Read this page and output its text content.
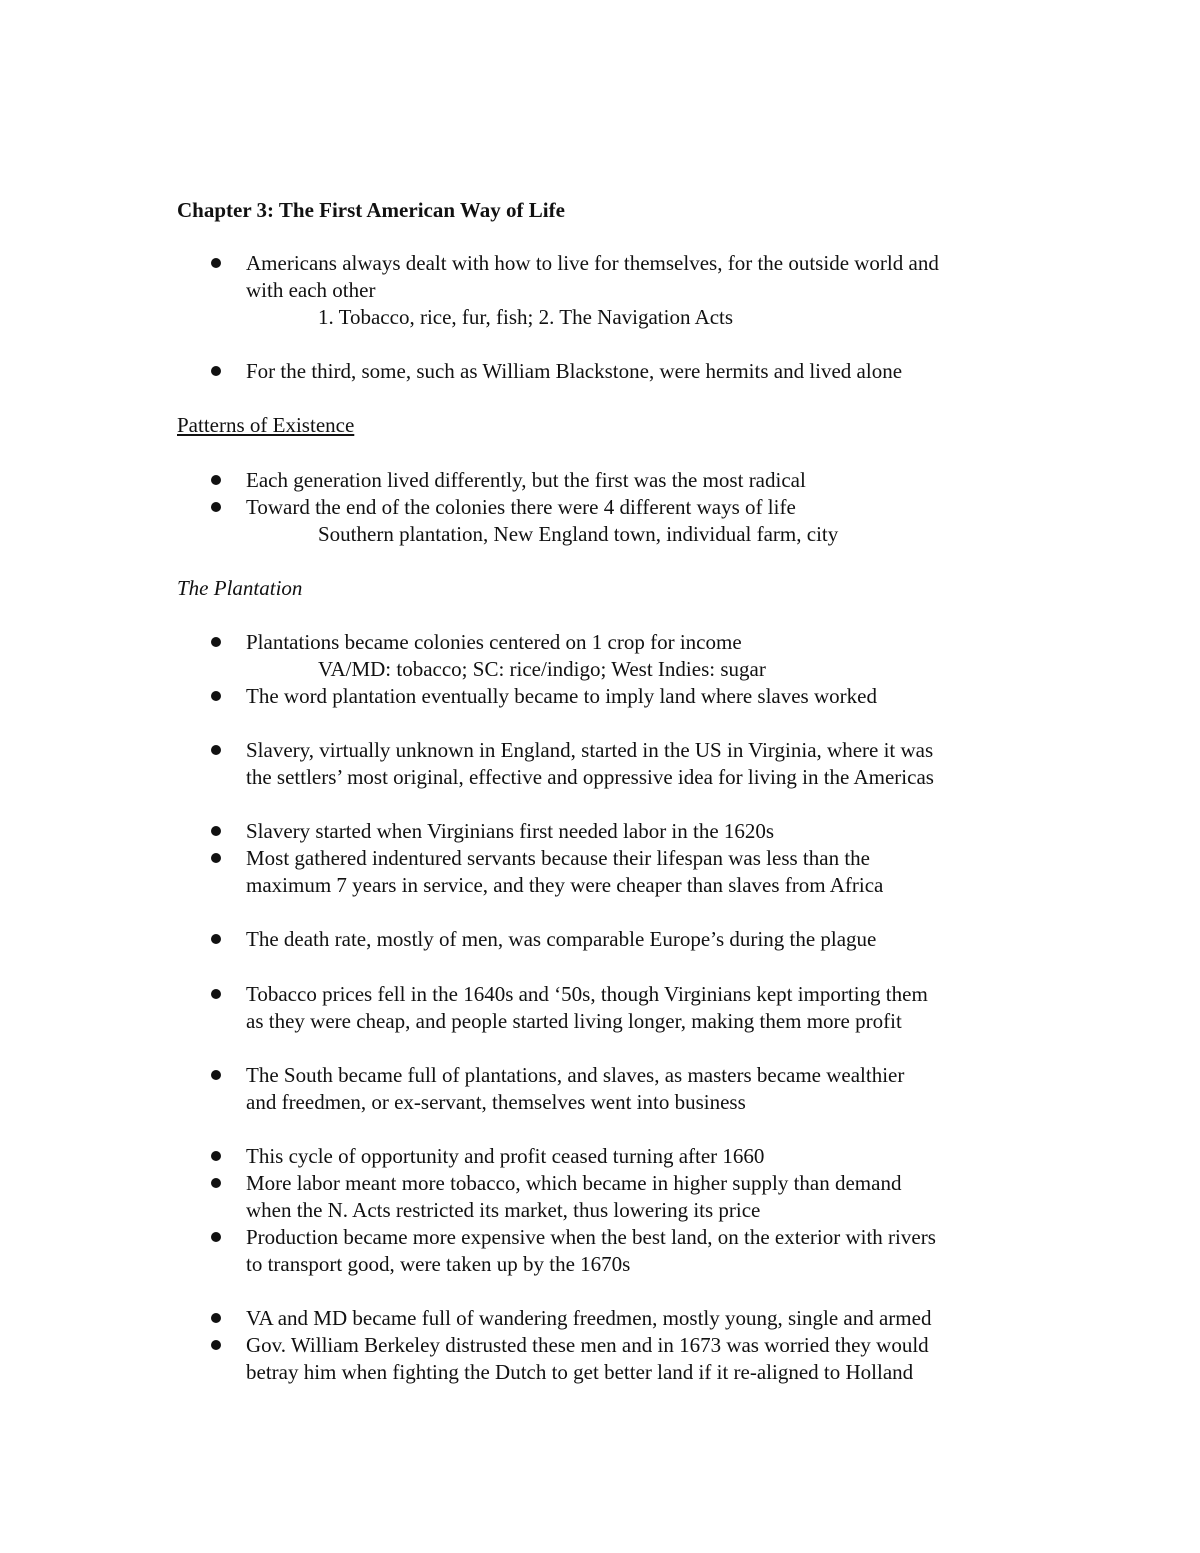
Chapter 3: The First American Way of Life
Americans always dealt with how to live for themselves, for the outside world and
with each other
1. Tobacco, rice, fur, fish; 2. The Navigation Acts
For the third, some, such as William Blackstone, were hermits and lived alone
Patterns of Existence
Each generation lived differently, but the first was the most radical
Toward the end of the colonies there were 4 different ways of life
Southern plantation, New England town, individual farm, city
The Plantation
Plantations became colonies centered on 1 crop for income
VA/MD: tobacco; SC: rice/indigo; West Indies: sugar
The word plantation eventually became to imply land where slaves worked
Slavery, virtually unknown in England, started in the US in Virginia, where it was
the settlers’ most original, effective and oppressive idea for living in the Americas
Slavery started when Virginians first needed labor in the 1620s
Most gathered indentured servants because their lifespan was less than the
maximum 7 years in service, and they were cheaper than slaves from Africa
The death rate, mostly of men, was comparable Europe’s during the plague
Tobacco prices fell in the 1640s and ‘50s, though Virginians kept importing them
as they were cheap, and people started living longer, making them more profit
The South became full of plantations, and slaves, as masters became wealthier
and freedmen, or ex-servant, themselves went into business
This cycle of opportunity and profit ceased turning after 1660
More labor meant more tobacco, which became in higher supply than demand
when the N. Acts restricted its market, thus lowering its price
Production became more expensive when the best land, on the exterior with rivers
to transport good, were taken up by the 1670s
VA and MD became full of wandering freedmen, mostly young, single and armed
Gov. William Berkeley distrusted these men and in 1673 was worried they would
betray him when fighting the Dutch to get better land if it re-aligned to Holland
